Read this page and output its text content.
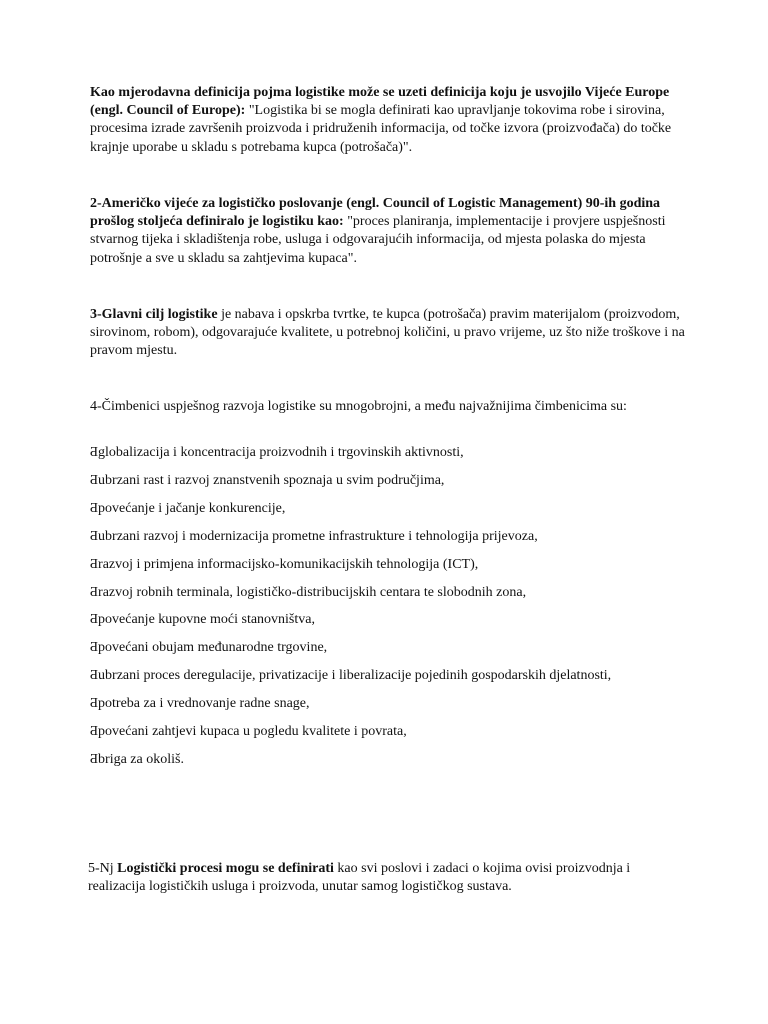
Kao mjerodavna definicija pojma logistike može se uzeti definicija koju je usvojilo Vijeće Europe (engl. Council of Europe): "Logistika bi se mogla definirati kao upravljanje tokovima robe i sirovina, procesima izrade završenih proizvoda i pridruženih informacija, od točke izvora (proizvođača) do točke krajnje uporabe u skladu s potrebama kupca (potrošača)".

2-Američko vijeće za logističko poslovanje (engl. Council of Logistic Management) 90-ih godina prošlog stoljeća definiralo je logistiku kao: "proces planiranja, implementacije i provjere uspješnosti stvarnog tijeka i skladištenja robe, usluga i odgovarajućih informacija, od mjesta polaska do mjesta potrošnje a sve u skladu sa zahtjevima kupaca".

3-Glavni cilj logistike je nabava i opskrba tvrtke, te kupca (potrošača) pravim materijalom (proizvodom, sirovinom, robom), odgovarajuće kvalitete, u potrebnoj količini, u pravo vrijeme, uz što niže troškove i na pravom mjestu.

4-Čimbenici uspješnog razvoja logistike su mnogobrojni, a među najvažnijima čimbenicima su:

Ƌglobalizacija i koncentracija proizvodnih i trgovinskih aktivnosti,

Ƌubrzani rast i razvoj znanstvenih spoznaja u svim područjima,

Ƌpovećanje i jačanje konkurencije,

Ƌubrzani razvoj i modernizacija prometne infrastrukture i tehnologija prijevoza,

Ƌrazvoj i primjena informacijsko-komunikacijskih tehnologija (ICT),

Ƌrazvoj robnih terminala, logističko-distribucijskih centara te slobodnih zona,

Ƌpovećanje kupovne moći stanovništva,

Ƌpovećani obujam međunarodne trgovine,

Ƌubrzani proces deregulacije, privatizacije i liberalizacije pojedinih gospodarskih djelatnosti,

Ƌpotreba za i vrednovanje radne snage,

Ƌpovećani zahtjevi kupaca u pogledu kvalitete i povrata,

Ƌbriga za okoliš.

5-ǋ Logistički procesi mogu se definirati kao svi poslovi i zadaci o kojima ovisi proizvodnja i realizacija logističkih usluga i proizvoda, unutar samog logističkog sustava.
